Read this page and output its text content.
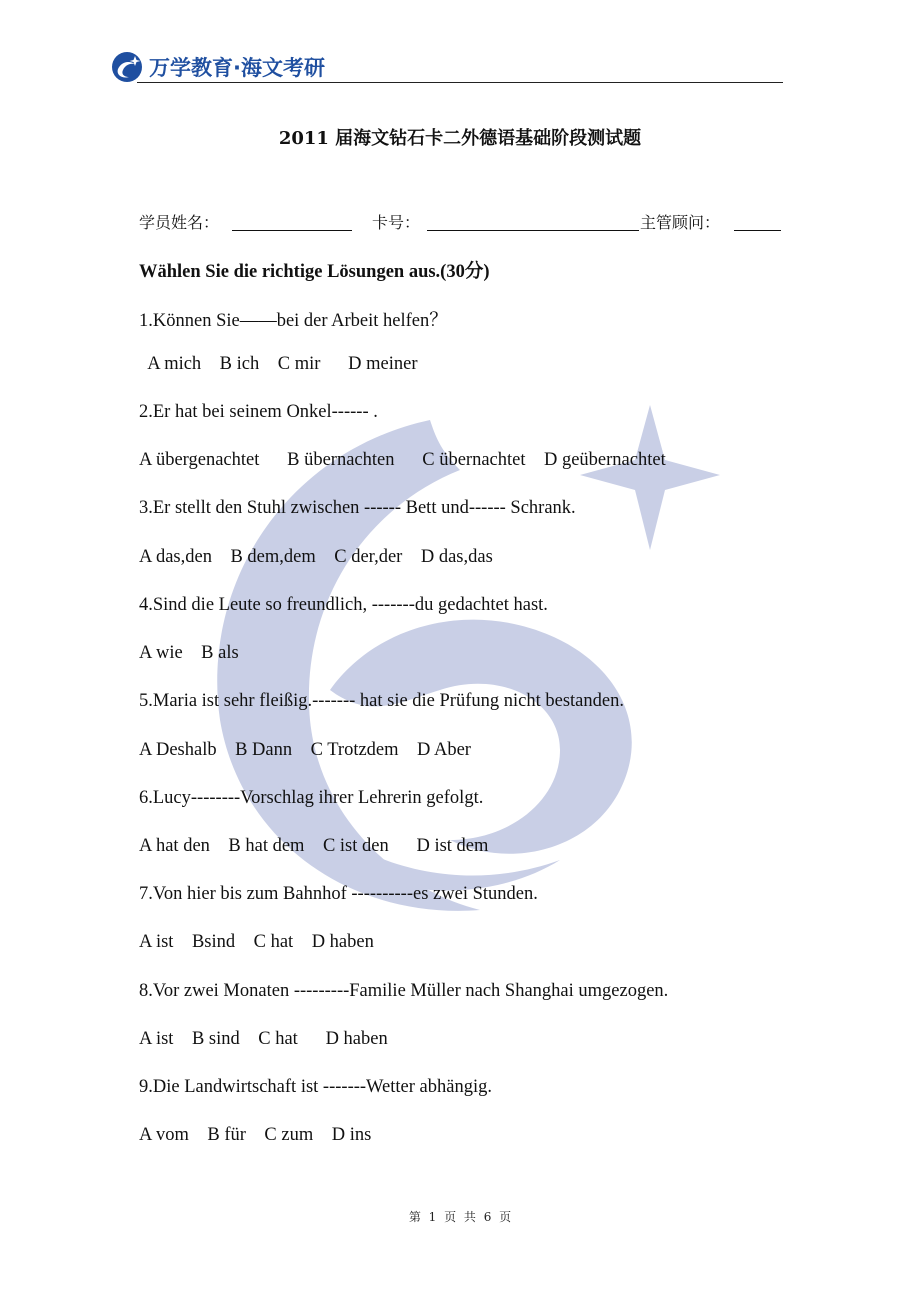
万学教育·海文考研
2011 届海文钻石卡二外德语基础阶段测试题
学员姓名：	卡号：	主管顾问：
Wählen Sie die richtige Lösungen aus.(30分)
1.Können Sie——bei der Arbeit helfen？
A mich    B ich    C mir      D meiner
2.Er hat bei seinem Onkel------ .
A übergenachtet      B übernachten      C übernachtet    D geübernachtet
3.Er stellt den Stuhl zwischen ------ Bett und------ Schrank.
A das,den    B dem,dem    C der,der    D das,das
4.Sind die Leute so freundlich, -------du gedachtet hast.
A wie    B als
5.Maria ist sehr fleißig.------- hat sie die Prüfung nicht bestanden.
A Deshalb    B Dann    C Trotzdem    D Aber
6.Lucy--------Vorschlag ihrer Lehrerin gefolgt.
A hat den    B hat dem    C ist den      D ist dem
7.Von hier bis zum Bahnhof ----------es zwei Stunden.
A ist    Bsind    C hat    D haben
8.Vor zwei Monaten ---------Familie Müller nach Shanghai umgezogen.
A ist    B sind    C hat      D haben
9.Die Landwirtschaft ist -------Wetter abhängig.
A vom    B für    C zum    D ins
第 1 页 共 6 页
